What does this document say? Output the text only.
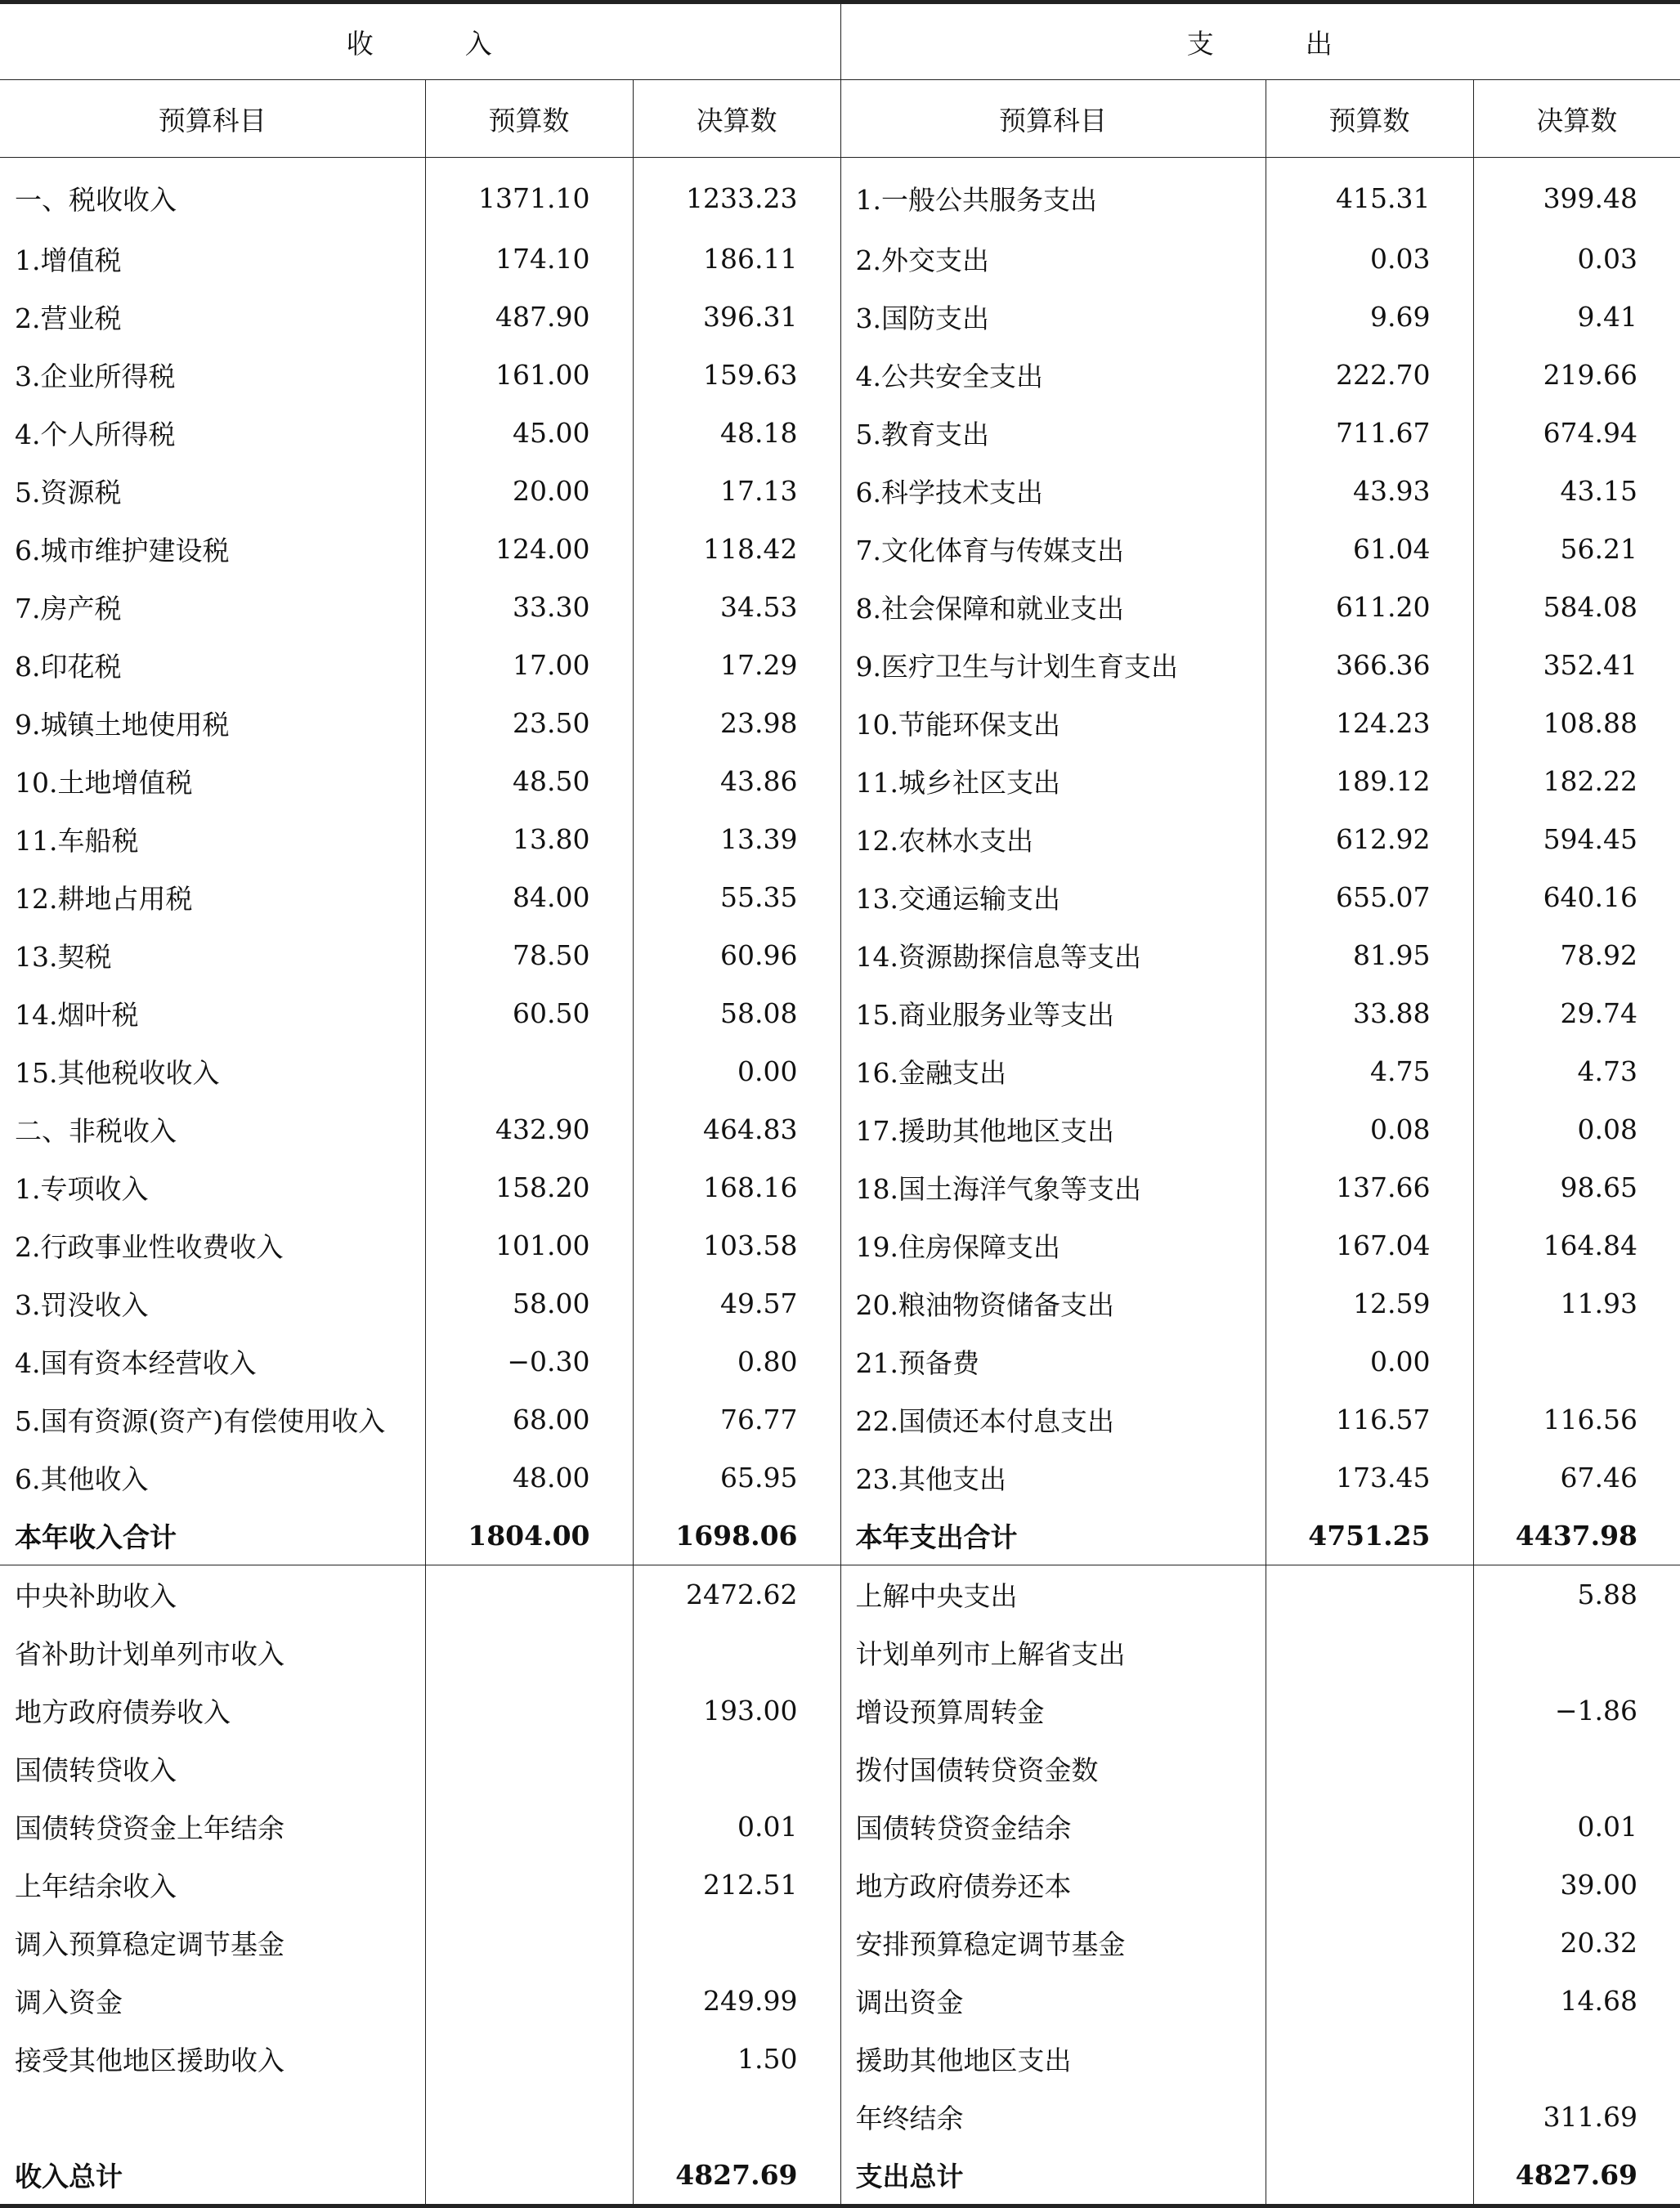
收 入			支 出		
预算科目	预算数	决算数	预算科目	预算数	决算数
一、税收收入	1371.10	1233.23	1.一般公共服务支出	415.31	399.48
1.增值税	174.10	186.11	2.外交支出	0.03	0.03
2.营业税	487.90	396.31	3.国防支出	9.69	9.41
3.企业所得税	161.00	159.63	4.公共安全支出	222.70	219.66
4.个人所得税	45.00	48.18	5.教育支出	711.67	674.94
5.资源税	20.00	17.13	6.科学技术支出	43.93	43.15
6.城市维护建设税	124.00	118.42	7.文化体育与传媒支出	61.04	56.21
7.房产税	33.30	34.53	8.社会保障和就业支出	611.20	584.08
8.印花税	17.00	17.29	9.医疗卫生与计划生育支出	366.36	352.41
9.城镇土地使用税	23.50	23.98	10.节能环保支出	124.23	108.88
10.土地增值税	48.50	43.86	11.城乡社区支出	189.12	182.22
11.车船税	13.80	13.39	12.农林水支出	612.92	594.45
12.耕地占用税	84.00	55.35	13.交通运输支出	655.07	640.16
13.契税	78.50	60.96	14.资源勘探信息等支出	81.95	78.92
14.烟叶税	60.50	58.08	15.商业服务业等支出	33.88	29.74
15.其他税收收入		0.00	16.金融支出	4.75	4.73
二、非税收入	432.90	464.83	17.援助其他地区支出	0.08	0.08
1.专项收入	158.20	168.16	18.国土海洋气象等支出	137.66	98.65
2.行政事业性收费收入	101.00	103.58	19.住房保障支出	167.04	164.84
3.罚没收入	58.00	49.57	20.粮油物资储备支出	12.59	11.93
4.国有资本经营收入	−0.30	0.80	21.预备费	0.00	
5.国有资源(资产)有偿使用收入	68.00	76.77	22.国债还本付息支出	116.57	116.56
6.其他收入	48.00	65.95	23.其他支出	173.45	67.46
本年收入合计	1804.00	1698.06	本年支出合计	4751.25	4437.98
中央补助收入		2472.62	上解中央支出		5.88
省补助计划单列市收入			计划单列市上解省支出		
地方政府债券收入		193.00	增设预算周转金		−1.86
国债转贷收入			拨付国债转贷资金数		
国债转贷资金上年结余		0.01	国债转贷资金结余		0.01
上年结余收入		212.51	地方政府债券还本		39.00
调入预算稳定调节基金			安排预算稳定调节基金		20.32
调入资金		249.99	调出资金		14.68
接受其他地区援助收入		1.50	援助其他地区支出		
			年终结余		311.69
收入总计		4827.69	支出总计		4827.69
